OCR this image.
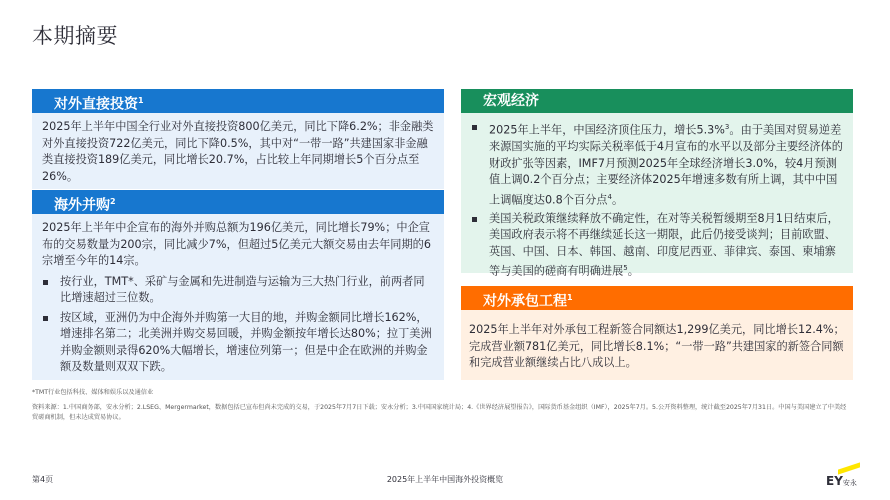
本期摘要
对外直接投资$^1$

2025年上半年中国全行业对外直接投资800亿美元，同比下降6.2%；非金融类对外直接投资722亿美元，同比下降0.5%，其中对“一带一路”共建国家非金融类直接投资189亿美元，同比增长20.7%，占比较上年同期增长5个百分点至26%。

海外并购$^2$

2025年上半年中企宣布的海外并购总额为196亿美元，同比增长79%；中企宣布的交易数量为200宗，同比减少7%，但超过5亿美元大额交易由去年同期的6宗增至今年的14宗。

按行业，TMT*、采矿与金属和先进制造与运输为三大热门行业，前两者同比增速超过三位数。
按区域，亚洲仍为中企海外并购第一大目的地，并购金额同比增长162%，增速排名第二；北美洲并购交易回暖，并购金额按年增长达80%；拉丁美洲并购金额则录得620%大幅增长，增速位列第一；但是中企在欧洲的并购金额及数量则双双下跌。
宏观经济
2025年上半年，中国经济顶住压力，增长5.3%$^3$。由于美国对贸易逆差来源国实施的平均实际关税率低于4月宣布的水平以及部分主要经济体的财政扩张等因素，IMF7月预测2025年全球经济增长3.0%，较4月预测值上调0.2个百分点；主要经济体2025年增速多数有所上调，其中中国上调幅度达0.8个百分点$^4$。
美国关税政策继续释放不确定性，在对等关税暂缓期至8月1日结束后，美国政府表示将不再继续延长这一期限，此后仍接受谈判；目前欧盟、英国、中国、日本、韩国、越南、印度尼西亚、菲律宾、泰国、柬埔寨等与美国的磋商有明确进展$^5$。
对外承包工程$^1$

2025年上半年对外承包工程新签合同额达1,299亿美元，同比增长12.4%；完成营业额781亿美元，同比增长8.1%；“一带一路”共建国家的新签合同额和完成营业额继续占比八成以上。

*TMT行业包括科技、媒体和娱乐以及通信业
资料来源：1.中国商务部，安永分析；2.LSEG、Mergermarket，数据包括已宣布但尚未完成的交易，于2025年7月7日下载；安永分析；3.中国国家统计局；4.《世界经济展望报告》，国际货币基金组织（IMF），2025年7月。5.公开资料整理，统计截至2025年7月31日。中国与美国建立了中美经贸磋商机制，但未达成贸易协议。
第4页	2025年上半年中国海外投资概览	EY安永
